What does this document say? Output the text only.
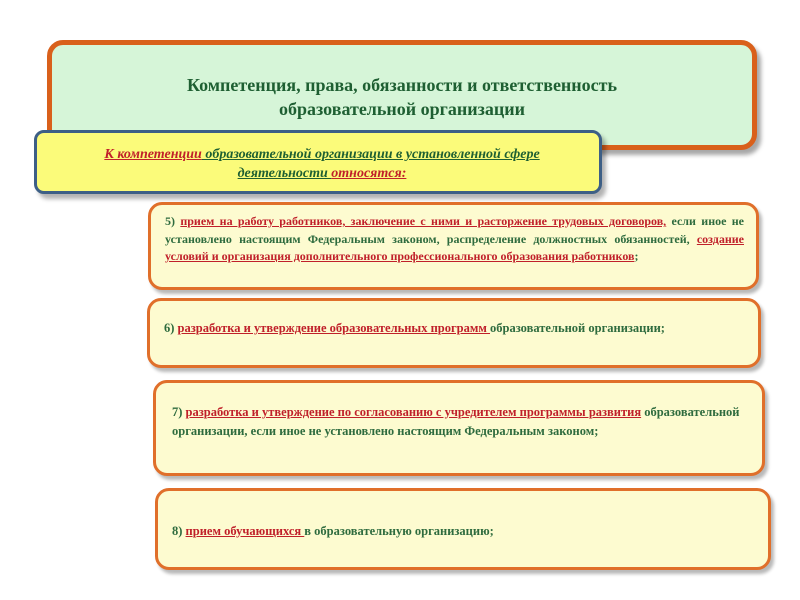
Компетенция, права, обязанности и ответственность
образовательной организации
К компетенции образовательной организации в установленной сфере деятельности относятся:
5) прием на работу работников, заключение с ними и расторжение трудовых договоров, если иное не установлено настоящим Федеральным законом, распределение должностных обязанностей, создание условий и организация дополнительного профессионального образования работников;
6) разработка и утверждение образовательных программ образовательной организации;
7) разработка и утверждение по согласованию с учредителем программы развития образовательной организации, если иное не установлено настоящим Федеральным законом;
8) прием обучающихся в образовательную организацию;
